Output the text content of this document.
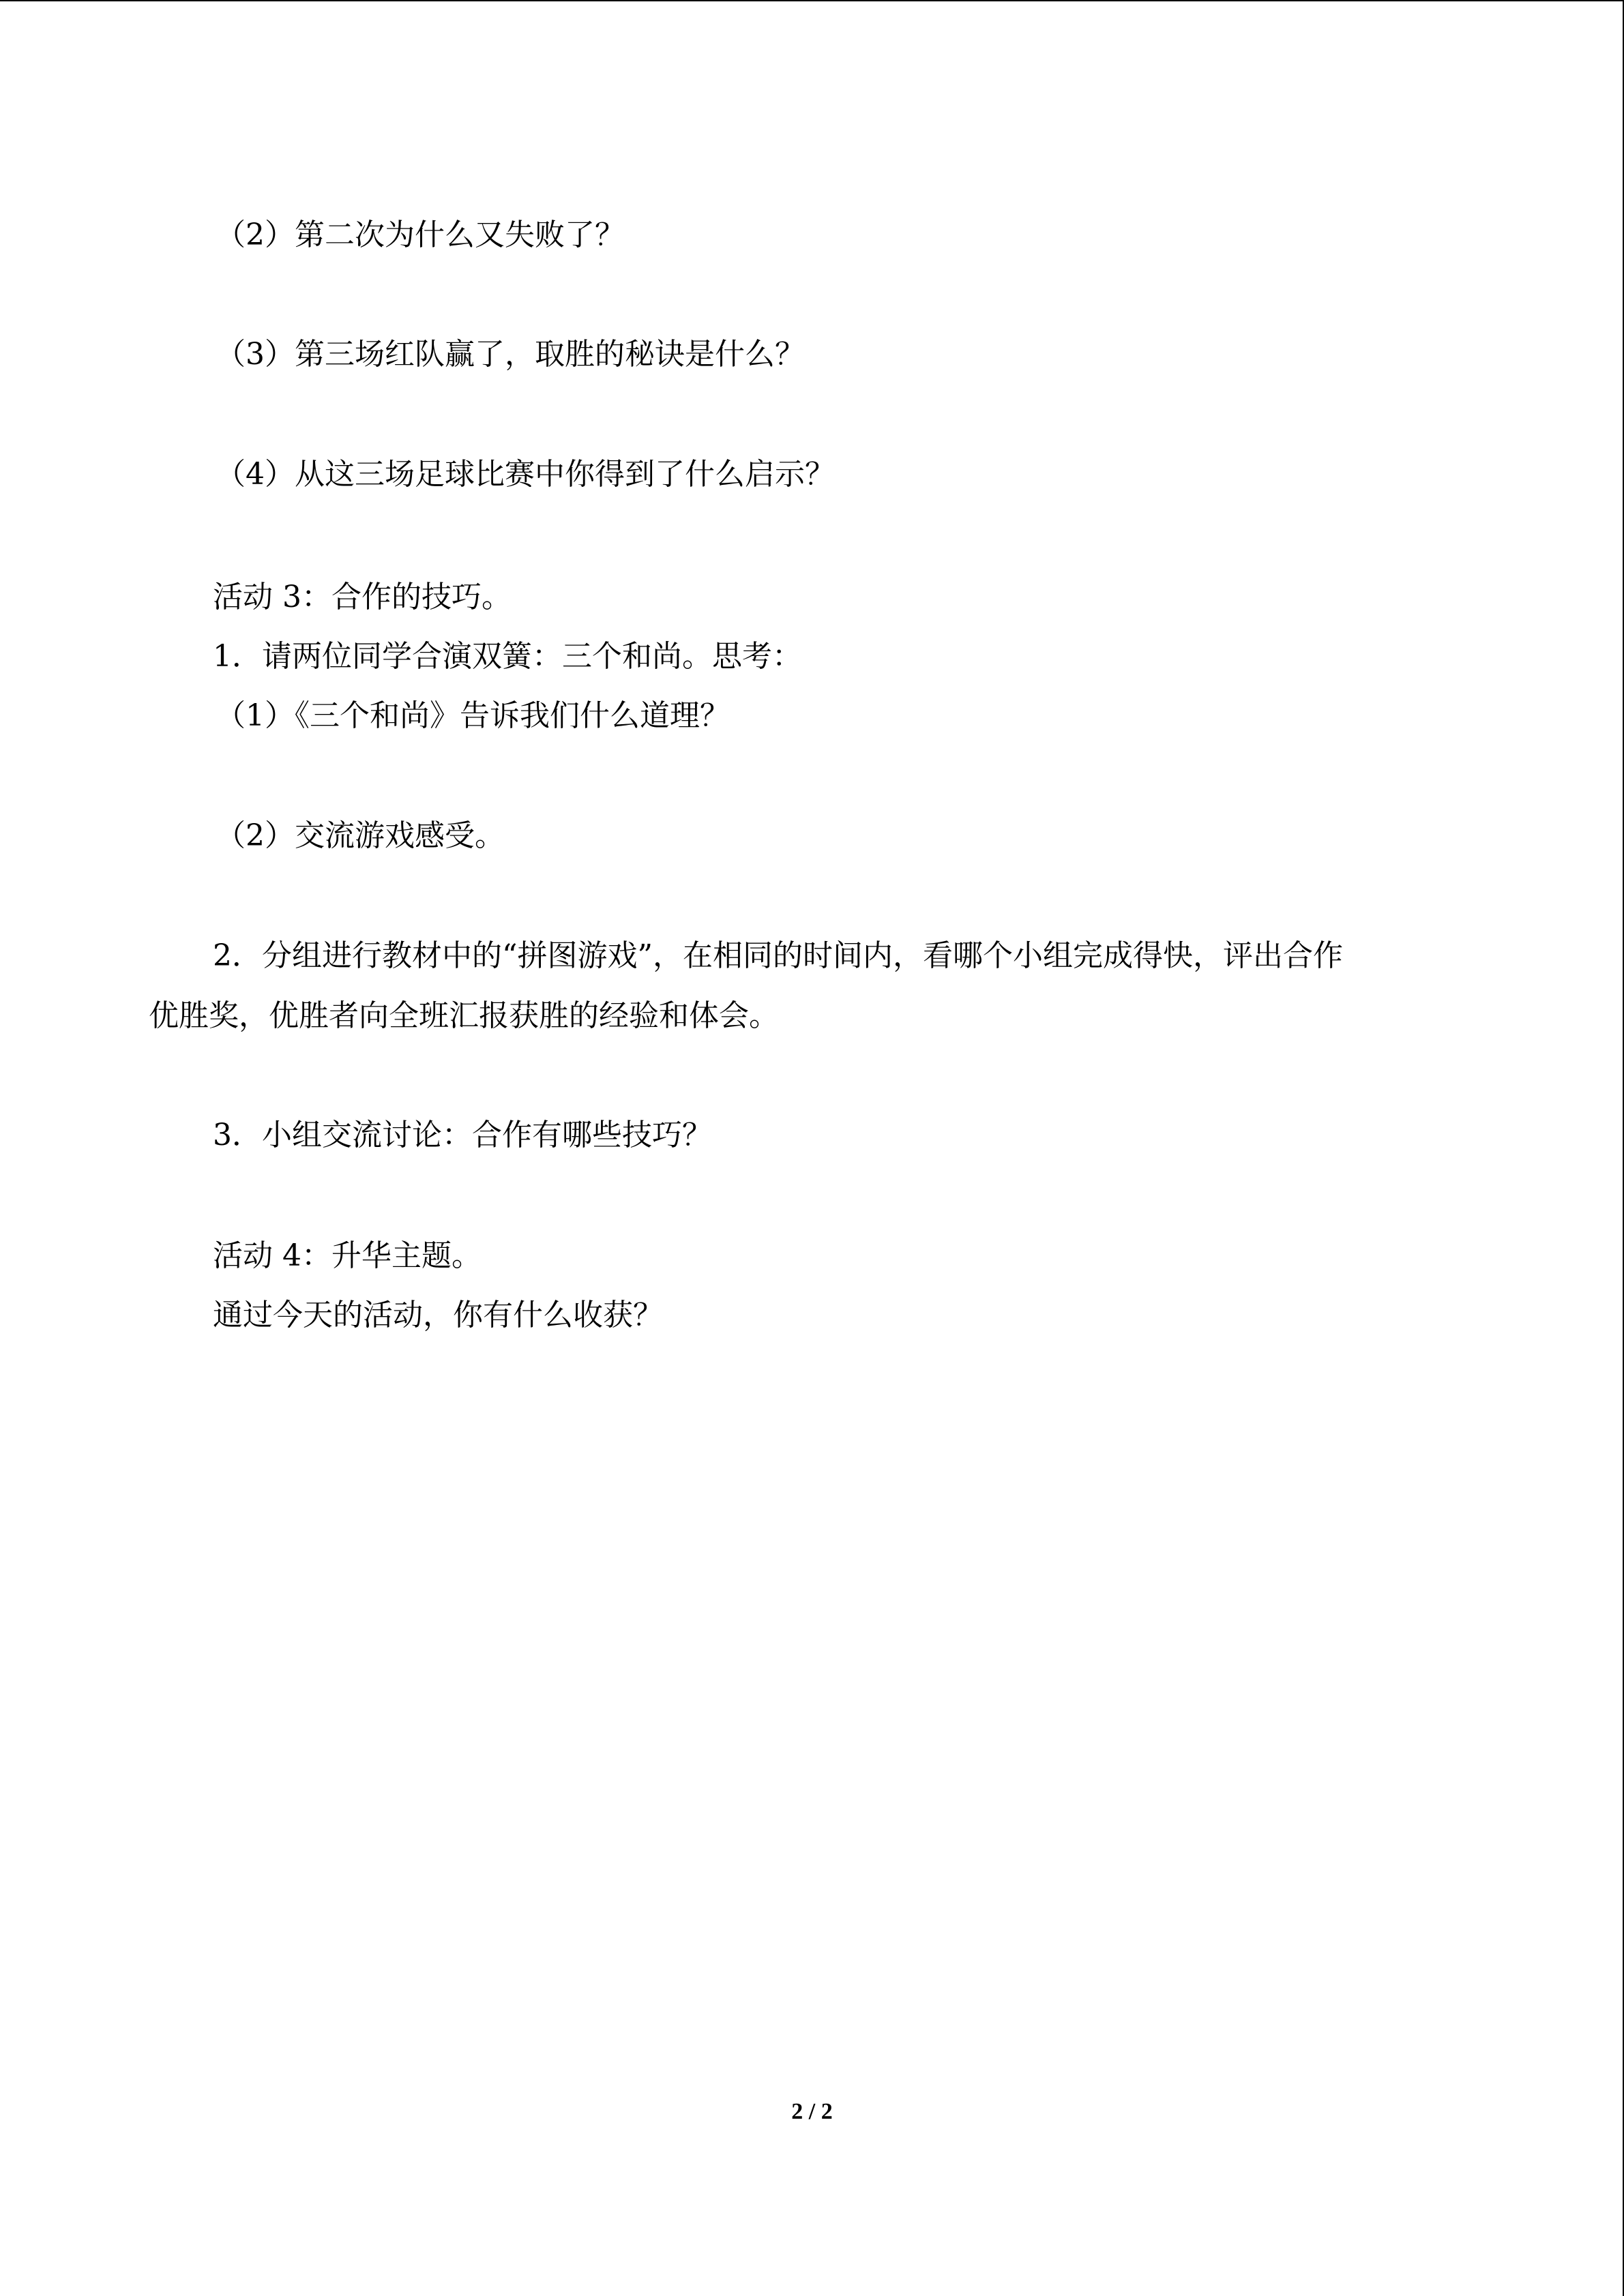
（2）第二次为什么又失败了？
（3）第三场红队赢了，取胜的秘诀是什么？
（4）从这三场足球比赛中你得到了什么启示？
活动 3：合作的技巧。
1．请两位同学合演双簧：三个和尚。思考：
（1）《三个和尚》告诉我们什么道理？
（2）交流游戏感受。
2．分组进行教材中的“拼图游戏”，在相同的时间内，看哪个小组完成得快，评出合作
优胜奖，优胜者向全班汇报获胜的经验和体会。
3．小组交流讨论：合作有哪些技巧？
活动 4：升华主题。
通过今天的活动，你有什么收获？
2 / 2
